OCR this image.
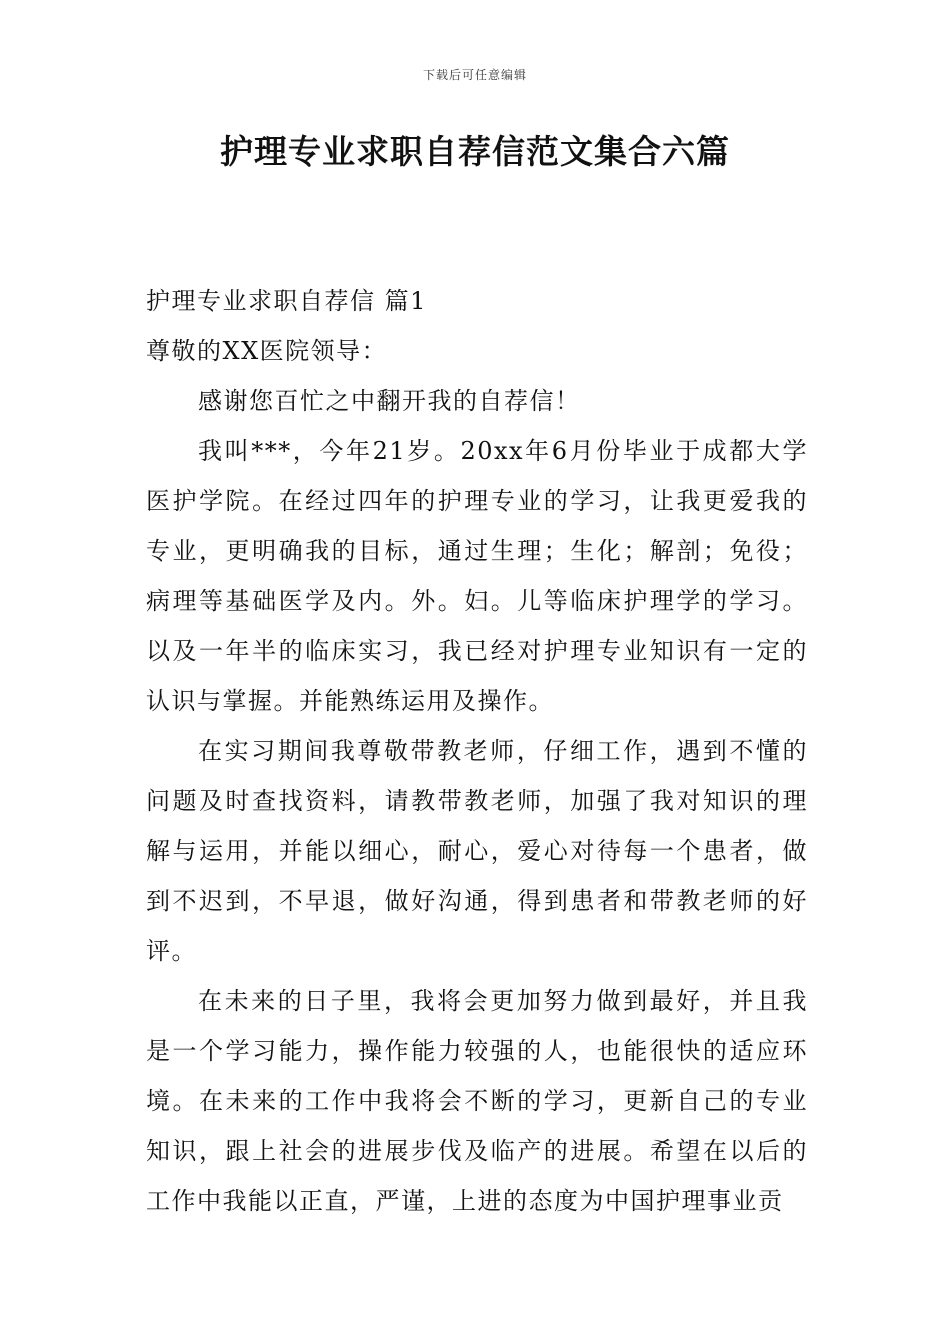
下载后可任意编辑
护理专业求职自荐信范文集合六篇

护理专业求职自荐信 篇1

尊敬的XX医院领导：

感谢您百忙之中翻开我的自荐信！

我叫***，今年21岁。20xx年6月份毕业于成都大学医护学院。在经过四年的护理专业的学习，让我更爱我的专业，更明确我的目标，通过生理；生化；解剖；免役；病理等基础医学及内。外。妇。儿等临床护理学的学习。以及一年半的临床实习，我已经对护理专业知识有一定的认识与掌握。并能熟练运用及操作。

在实习期间我尊敬带教老师，仔细工作，遇到不懂的问题及时查找资料，请教带教老师，加强了我对知识的理解与运用，并能以细心，耐心，爱心对待每一个患者，做到不迟到，不早退，做好沟通，得到患者和带教老师的好评。

在未来的日子里，我将会更加努力做到最好，并且我是一个学习能力，操作能力较强的人，也能很快的适应环境。在未来的工作中我将会不断的学习，更新自己的专业知识，跟上社会的进展步伐及临产的进展。希望在以后的工作中我能以正直，严谨，上进的态度为中国护理事业贡
